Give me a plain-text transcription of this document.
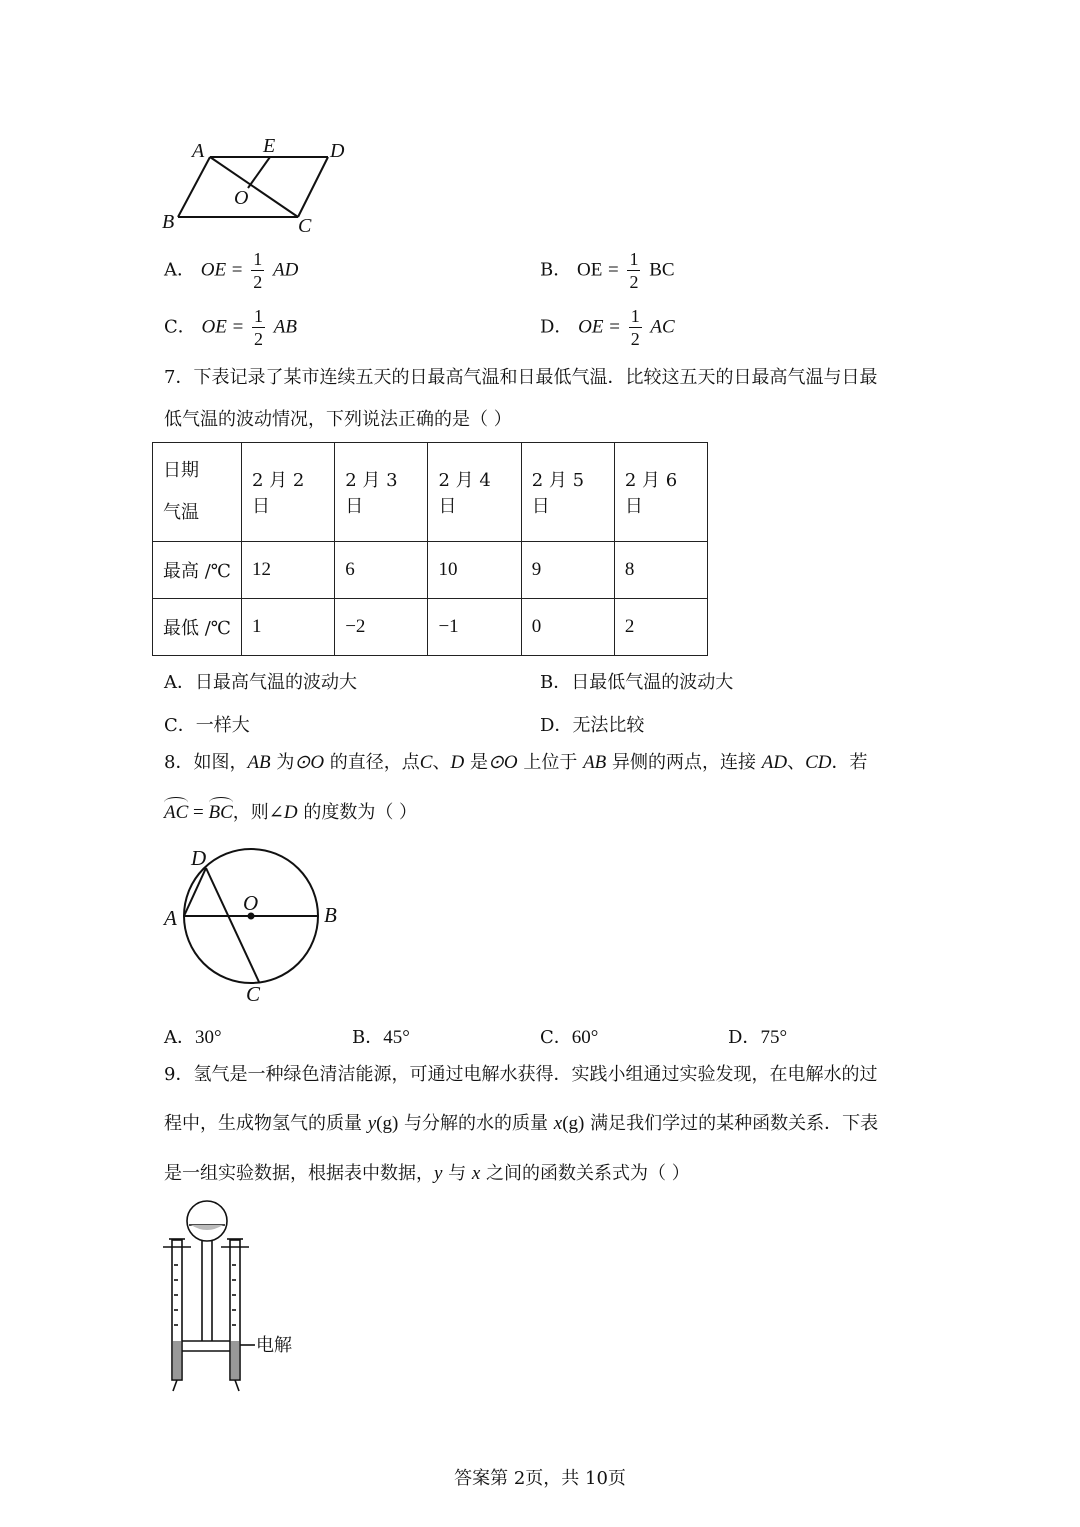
A	E	D
O
B	C
A． OE = $\frac{1}{2}$ AD	B． OE = $\frac{1}{2}$ BC
C． OE = $\frac{1}{2}$ AB	D． OE = $\frac{1}{2}$ AC
7．下表记录了某市连续五天的日最高气温和日最低气温．比较这五天的日最高气温与日最
低气温的波动情况，下列说法正确的是（ ）
日期
气温	2 月 2 日	2 月 3 日	2 月 4 日	2 月 5 日	2 月 6 日
最高 /℃	12	6	10	9	8
最低 /℃	1	−2	−1	0	2
A．日最高气温的波动大	B．日最低气温的波动大
C．一样大	D．无法比较
8．如图，AB 为⊙O 的直径，点C、D 是⊙O 上位于 AB 异侧的两点，连接 AD、CD．若
AC = BC，则∠D 的度数为（ ）
D
O
A	B
C
A．30°	B．45°	C．60°	D．75°
9．氢气是一种绿色清洁能源，可通过电解水获得．实践小组通过实验发现，在电解水的过
程中，生成物氢气的质量 y(g) 与分解的水的质量 x(g) 满足我们学过的某种函数关系．下表
是一组实验数据，根据表中数据，y 与 x 之间的函数关系式为（ ）
电解
答案第 2页，共 10页
